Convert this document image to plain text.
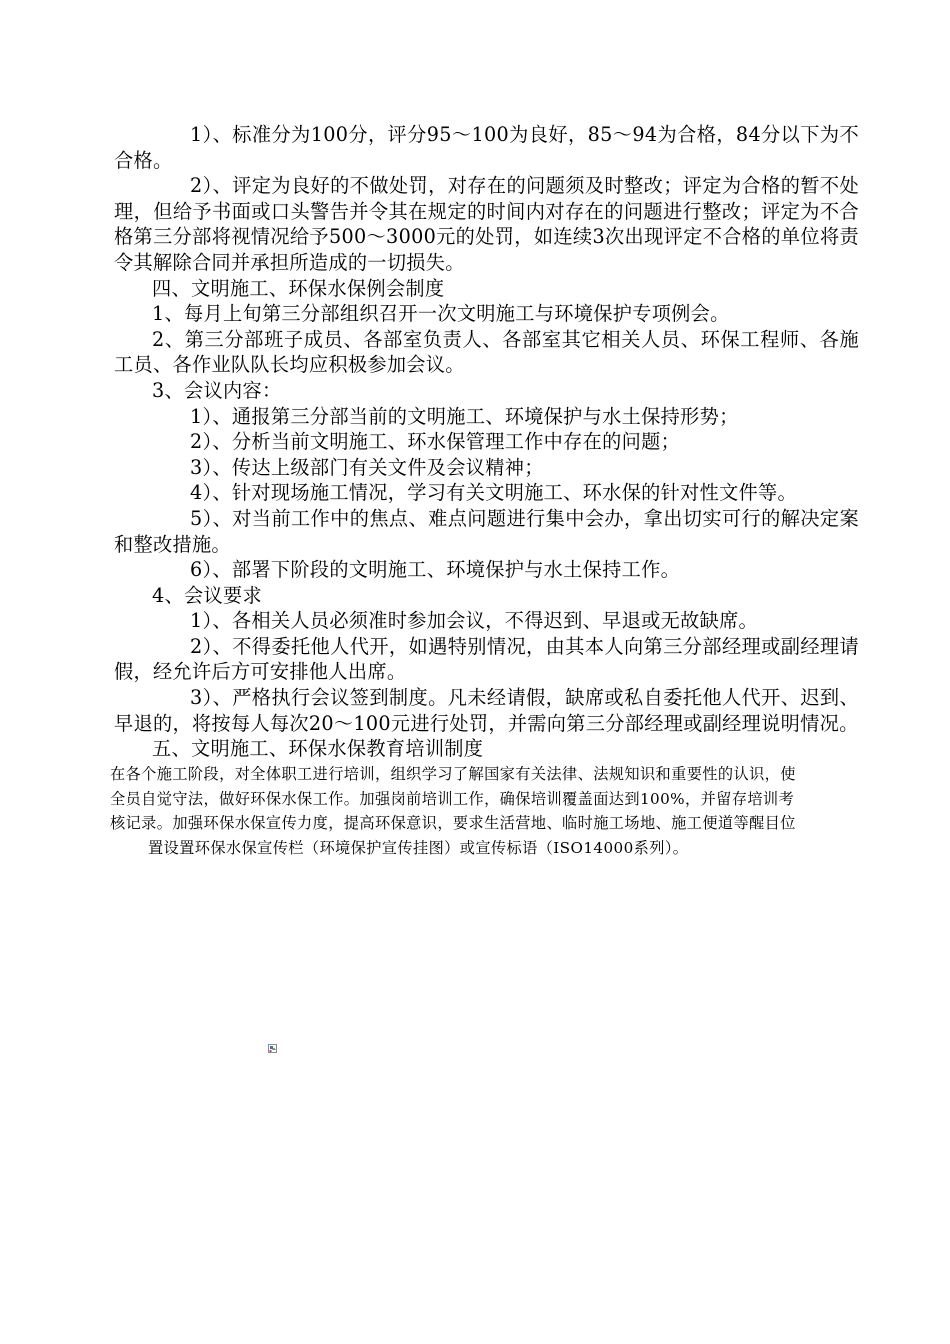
1）、标准分为100分，评分95～100为良好，85～94为合格，84分以下为不合格。

2）、评定为良好的不做处罚，对存在的问题须及时整改；评定为合格的暂不处理，但给予书面或口头警告并令其在规定的时间内对存在的问题进行整改；评定为不合格第三分部将视情况给予500～3000元的处罚，如连续3次出现评定不合格的单位将责令其解除合同并承担所造成的一切损失。

四、文明施工、环保水保例会制度

1、每月上旬第三分部组织召开一次文明施工与环境保护专项例会。

2、第三分部班子成员、各部室负责人、各部室其它相关人员、环保工程师、各施工员、各作业队队长均应积极参加会议。

3、会议内容：

1）、通报第三分部当前的文明施工、环境保护与水土保持形势；

2）、分析当前文明施工、环水保管理工作中存在的问题；

3）、传达上级部门有关文件及会议精神；

4）、针对现场施工情况，学习有关文明施工、环水保的针对性文件等。

5）、对当前工作中的焦点、难点问题进行集中会办，拿出切实可行的解决定案和整改措施。

6）、部署下阶段的文明施工、环境保护与水土保持工作。

4、会议要求

1）、各相关人员必须准时参加会议，不得迟到、早退或无故缺席。

2）、不得委托他人代开，如遇特别情况，由其本人向第三分部经理或副经理请假，经允许后方可安排他人出席。

3）、严格执行会议签到制度。凡未经请假，缺席或私自委托他人代开、迟到、早退的，将按每人每次20～100元进行处罚，并需向第三分部经理或副经理说明情况。

五、文明施工、环保水保教育培训制度

在各个施工阶段，对全体职工进行培训，组织学习了解国家有关法律、法规知识和重要性的认识，使

全员自觉守法，做好环保水保工作。加强岗前培训工作，确保培训覆盖面达到100%，并留存培训考

核记录。加强环保水保宣传力度，提高环保意识，要求生活营地、临时施工场地、施工便道等醒目位

置设置环保水保宣传栏（环境保护宣传挂图）或宣传标语（ISO14000系列）。
